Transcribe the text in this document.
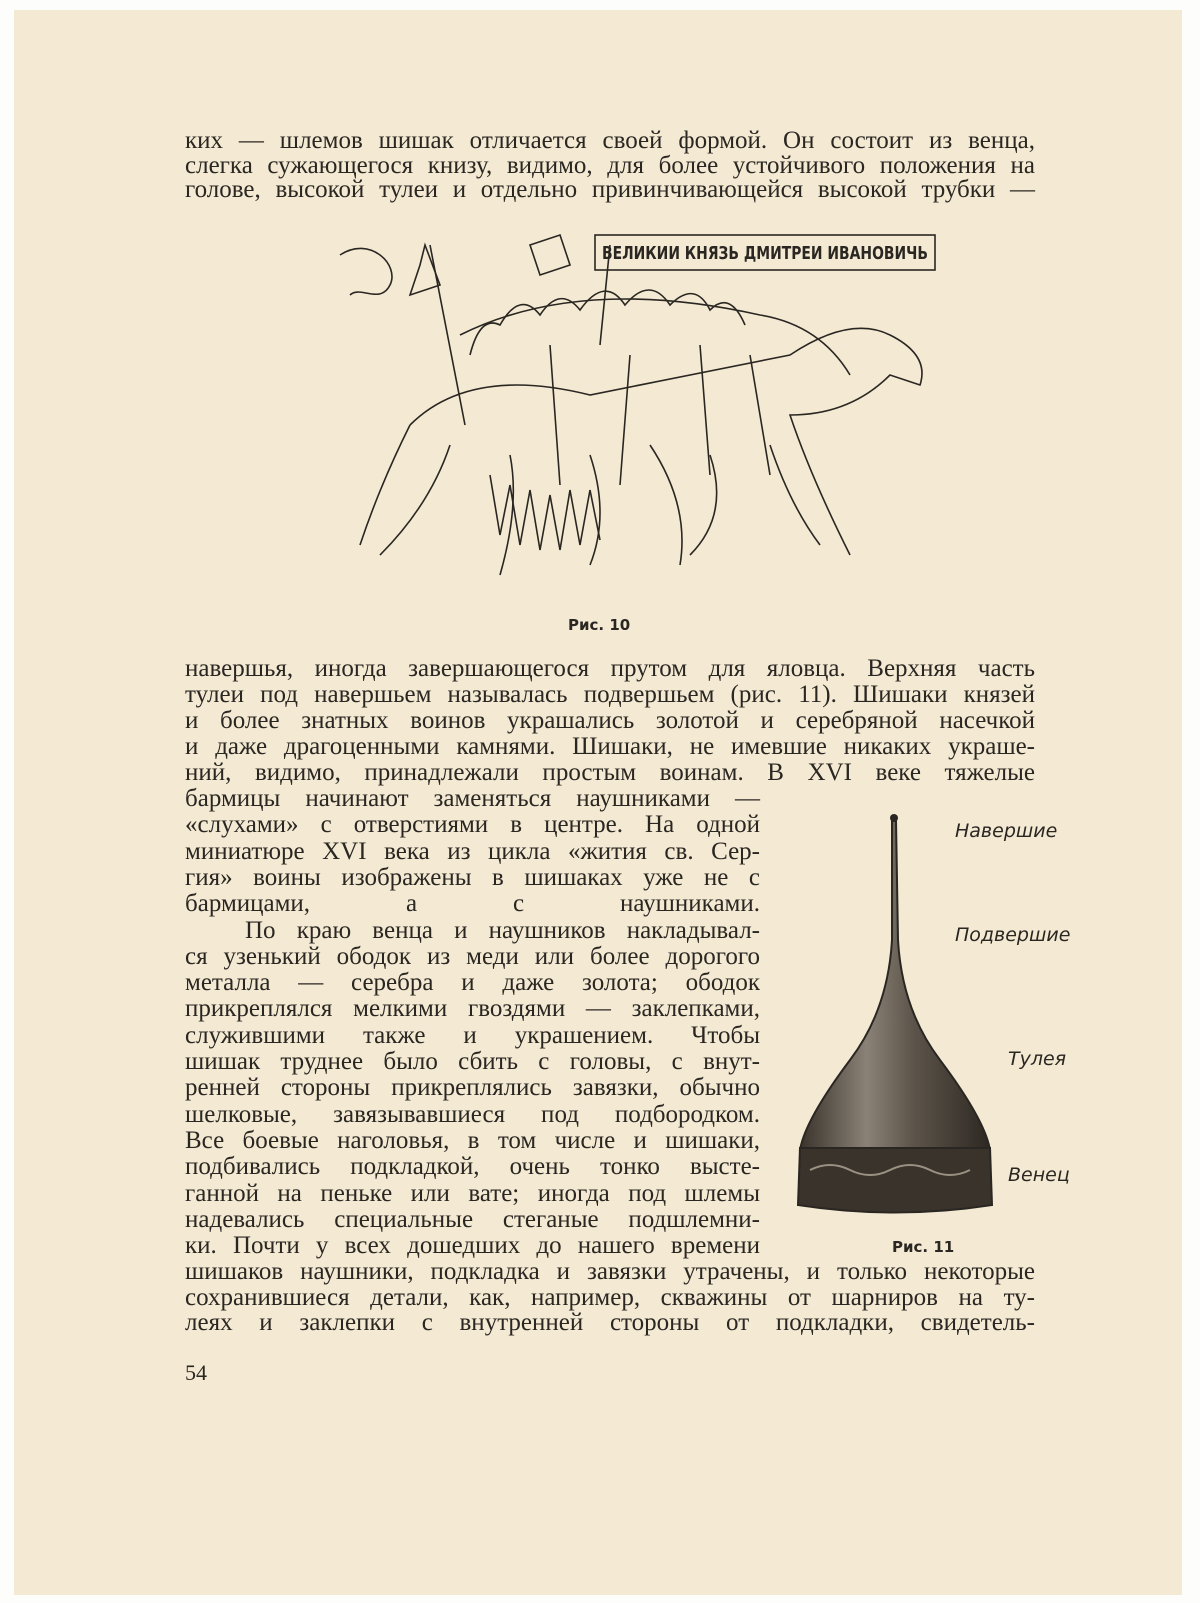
ких — шлемов шишак отличается своей формой. Он состоит из венца,
слегка сужающегося книзу, видимо, для более устойчивого положения на
голове, высокой тулеи и отдельно привинчивающейся высокой трубки —
ВЕЛИКИИ КНЯЗЬ ДМИТРЕИ ИВАНОВИЧЬ
Рис. 10
навершья, иногда завершающегося прутом для яловца. Верхняя часть
тулеи под навершьем называлась подвершьем (рис. 11). Шишаки князей
и более знатных воинов украшались золотой и серебряной насечкой
и даже драгоценными камнями. Шишаки, не имевшие никаких украше-
ний, видимо, принадлежали простым воинам. В XVI веке тяжелые
бармицы начинают заменяться наушниками —
«слухами» с отверстиями в центре. На одной
миниатюре XVI века из цикла «жития св. Сер-
гия» воины изображены в шишаках уже не с
бармицами, а с наушниками.
По краю венца и наушников накладывал-
ся узенький ободок из меди или более дорогого
металла — серебра и даже золота; ободок
прикреплялся мелкими гвоздями — заклепками,
служившими также и украшением. Чтобы
шишак труднее было сбить с головы, с внут-
ренней стороны прикреплялись завязки, обычно
шелковые, завязывавшиеся под подбородком.
Все боевые наголовья, в том числе и шишаки,
подбивались подкладкой, очень тонко высте-
ганной на пеньке или вате; иногда под шлемы
надевались специальные стеганые подшлемни-
ки. Почти у всех дошедших до нашего времени
Навершие
Подвершие
Тулея
Венец
Рис. 11
шишаков наушники, подкладка и завязки утрачены, и только некоторые
сохранившиеся детали, как, например, скважины от шарниров на ту-
леях и заклепки с внутренней стороны от подкладки, свидетель-
54
